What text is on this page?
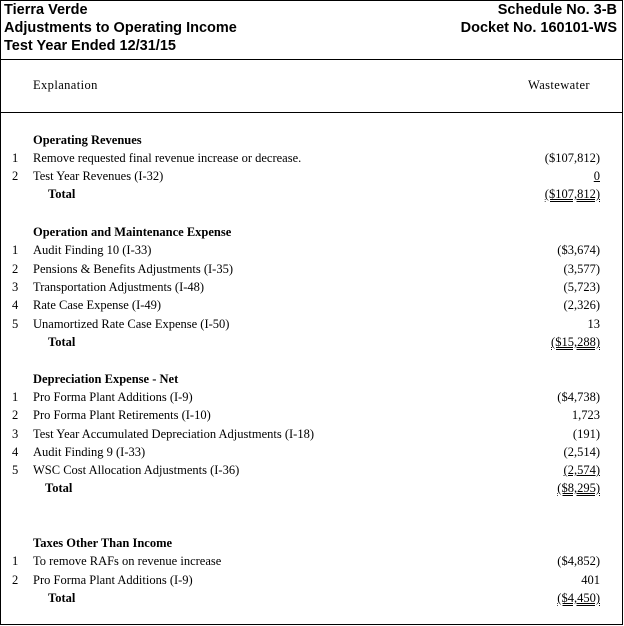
Tierra Verde
Adjustments to Operating Income
Test Year Ended 12/31/15
Schedule No. 3-B
Docket No. 160101-WS
Explanation	Wastewater
Operating Revenues
1 Remove requested final revenue increase or decrease.	($107,812)
2 Test Year Revenues (I-32)	0
Total	($107,812)
Operation and Maintenance Expense
1 Audit Finding 10 (I-33)	($3,674)
2 Pensions & Benefits Adjustments (I-35)	(3,577)
3 Transportation Adjustments (I-48)	(5,723)
4 Rate Case Expense (I-49)	(2,326)
5 Unamortized Rate Case Expense (I-50)	13
Total	($15,288)
Depreciation Expense - Net
1 Pro Forma Plant Additions (I-9)	($4,738)
2 Pro Forma Plant Retirements (I-10)	1,723
3 Test Year Accumulated Depreciation Adjustments (I-18)	(191)
4 Audit Finding 9 (I-33)	(2,514)
5 WSC Cost Allocation Adjustments (I-36)	(2,574)
Total	($8,295)
Taxes Other Than Income
1 To remove RAFs on revenue increase	($4,852)
2 Pro Forma Plant Additions (I-9)	401
Total	($4,450)
